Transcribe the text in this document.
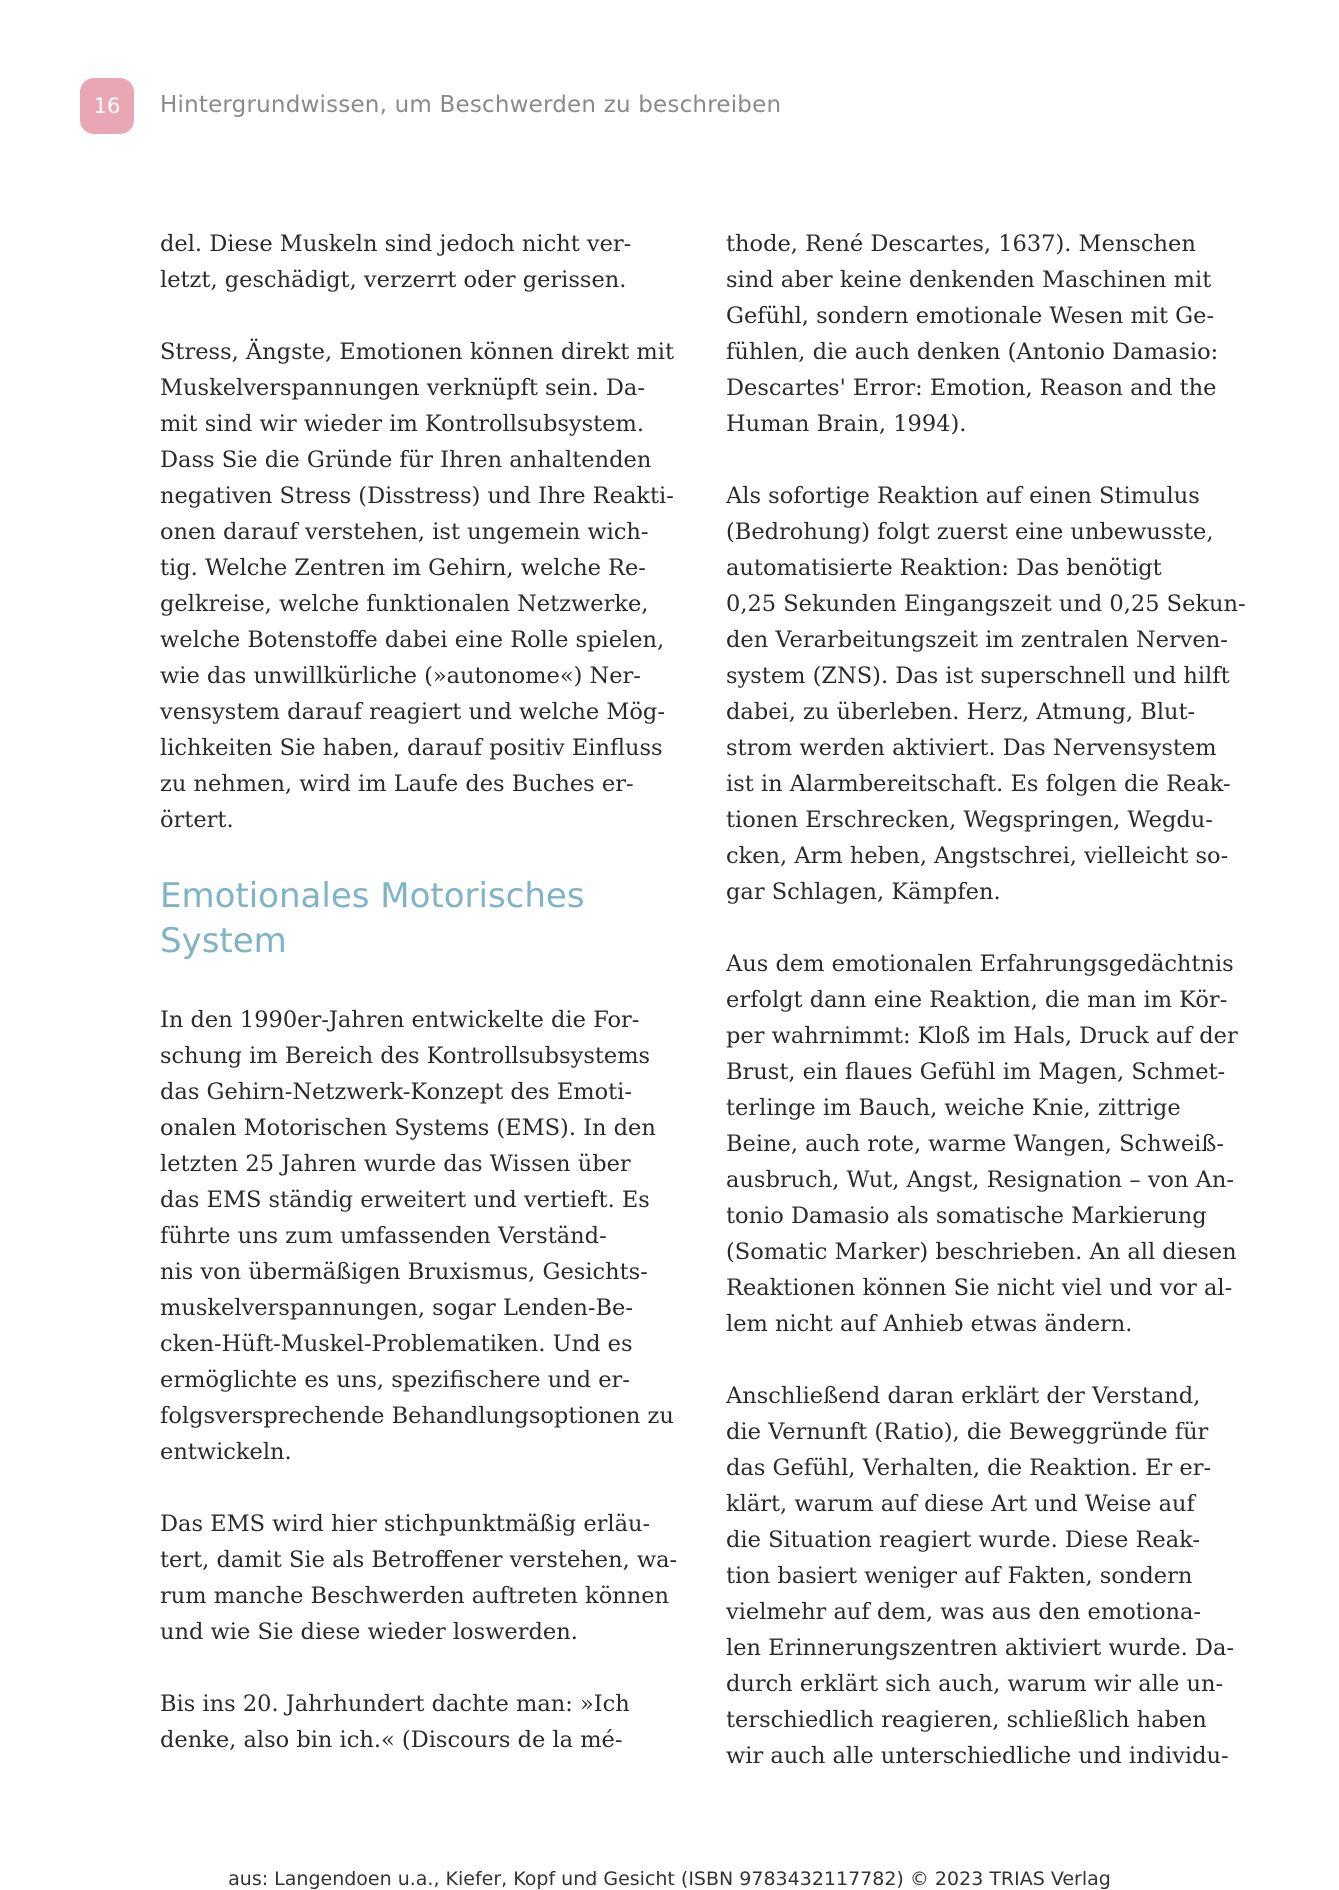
16	Hintergrundwissen, um Beschwerden zu beschreiben
del. Diese Muskeln sind jedoch nicht ver-
letzt, geschädigt, verzerrt oder gerissen.
Stress, Ängste, Emotionen können direkt mit
Muskelverspannungen verknüpft sein. Da-
mit sind wir wieder im Kontrollsubsystem.
Dass Sie die Gründe für Ihren anhaltenden
negativen Stress (Disstress) und Ihre Reakti-
onen darauf verstehen, ist ungemein wich-
tig. Welche Zentren im Gehirn, welche Re-
gelkreise, welche funktionalen Netzwerke,
welche Botenstoffe dabei eine Rolle spielen,
wie das unwillkürliche (»autonome«) Ner-
vensystem darauf reagiert und welche Mög-
lichkeiten Sie haben, darauf positiv Einfluss
zu nehmen, wird im Laufe des Buches er-
örtert.
Emotionales Motorisches
System
In den 1990er-Jahren entwickelte die For-
schung im Bereich des Kontrollsubsystems
das Gehirn-Netzwerk-Konzept des Emoti-
onalen Motorischen Systems (EMS). In den
letzten 25 Jahren wurde das Wissen über
das EMS ständig erweitert und vertieft. Es
führte uns zum umfassenden Verständ-
nis von übermäßigen Bruxismus, Gesichts-
muskelverspannungen, sogar Lenden-Be-
cken-Hüft-Muskel-Problematiken. Und es
ermöglichte es uns, spezifischere und er-
folgsversprechende Behandlungsoptionen zu
entwickeln.
Das EMS wird hier stichpunktmäßig erläu-
tert, damit Sie als Betroffener verstehen, wa-
rum manche Beschwerden auftreten können
und wie Sie diese wieder loswerden.
Bis ins 20. Jahrhundert dachte man: »Ich
denke, also bin ich.« (Discours de la mé-
thode, René Descartes, 1637). Menschen
sind aber keine denkenden Maschinen mit
Gefühl, sondern emotionale Wesen mit Ge-
fühlen, die auch denken (Antonio Damasio:
Descartes' Error: Emotion, Reason and the
Human Brain, 1994).
Als sofortige Reaktion auf einen Stimulus
(Bedrohung) folgt zuerst eine unbewusste,
automatisierte Reaktion: Das benötigt
0,25 Sekunden Eingangszeit und 0,25 Sekun-
den Verarbeitungszeit im zentralen Nerven-
system (ZNS). Das ist superschnell und hilft
dabei, zu überleben. Herz, Atmung, Blut-
strom werden aktiviert. Das Nervensystem
ist in Alarmbereitschaft. Es folgen die Reak-
tionen Erschrecken, Wegspringen, Wegdu-
cken, Arm heben, Angstschrei, vielleicht so-
gar Schlagen, Kämpfen.
Aus dem emotionalen Erfahrungsgedächtnis
erfolgt dann eine Reaktion, die man im Kör-
per wahrnimmt: Kloß im Hals, Druck auf der
Brust, ein flaues Gefühl im Magen, Schmet-
terlinge im Bauch, weiche Knie, zittrige
Beine, auch rote, warme Wangen, Schweiß-
ausbruch, Wut, Angst, Resignation – von An-
tonio Damasio als somatische Markierung
(Somatic Marker) beschrieben. An all diesen
Reaktionen können Sie nicht viel und vor al-
lem nicht auf Anhieb etwas ändern.
Anschließend daran erklärt der Verstand,
die Vernunft (Ratio), die Beweggründe für
das Gefühl, Verhalten, die Reaktion. Er er-
klärt, warum auf diese Art und Weise auf
die Situation reagiert wurde. Diese Reak-
tion basiert weniger auf Fakten, sondern
vielmehr auf dem, was aus den emotiona-
len Erinnerungszentren aktiviert wurde. Da-
durch erklärt sich auch, warum wir alle un-
terschiedlich reagieren, schließlich haben
wir auch alle unterschiedliche und individu-
aus: Langendoen u.a., Kiefer, Kopf und Gesicht (ISBN 9783432117782) © 2023 TRIAS Verlag
